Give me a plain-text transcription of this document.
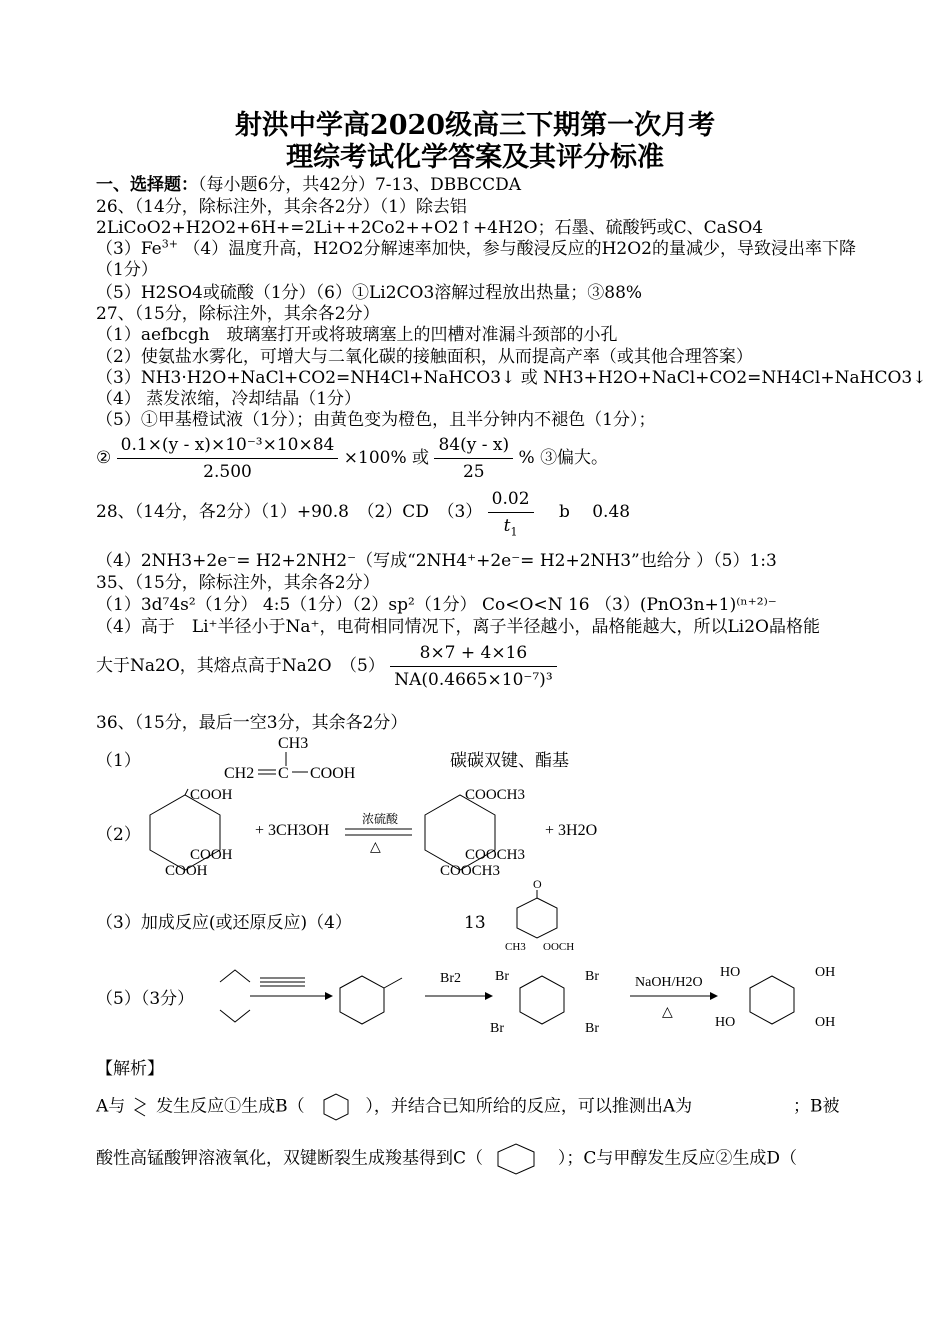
射洪中学高2020级高三下期第一次月考
理综考试化学答案及其评分标准
一、选择题：（每小题6分，共42分）7-13、DBBCCDA
26、（14分，除标注外，其余各2分）（1）除去铝
2LiCoO2+H2O2+6H+=2Li++2Co2++O2↑+4H2O；石墨、硫酸钙或C、CaSO4
$(3)Fe^{3+}$ （4）温度升高，H2O2分解速率加快，参与酸浸反应的H2O2的量减少，导致浸出率下降
（1分）
（5）H2SO4或硫酸（1分）（6）①Li2CO3溶解过程放出热量；③88%
27、（15分，除标注外，其余各2分）
（1）aefbcgh　玻璃塞打开或将玻璃塞上的凹槽对准漏斗颈部的小孔
（2）使氨盐水雾化，可增大与二氧化碳的接触面积，从而提高产率（或其他合理答案）
（3）NH3·H2O+NaCl+CO2=NH4Cl+NaHCO3↓ 或 NH3+H2O+NaCl+CO2=NH4Cl+NaHCO3↓
（4） 蒸发浓缩，冷却结晶（1分）
（5）①甲基橙试液（1分）；由黄色变为橙色，且半分钟内不褪色（1分）；
② $\frac{\text{0.1×(y - x)×10⁻³×10×84}}{2.500} \times 100\%$ 或 $\frac{84(y - x)}{25}$ % ③偏大。
28、（14分，各2分）（1）+90.8　（2）CD　$(3) \frac{0.02}{t_1}$ b　 0.48
（4）2NH3+2e⁻= H2+2NH2⁻（写成“2NH4⁺+2e⁻= H2+2NH3”也给分 ）（5）1:3
35、（15分，除标注外，其余各2分）
（1）3d⁷4s²（1分） 4:5（1分）（2）sp²（1分） Co<O<N 16 （3）(PnO3n+1)⁽ⁿ⁺²⁾⁻
（4）高于　Li⁺半径小于Na⁺，电荷相同情况下，离子半径越小，晶格能越大，所以Li2O晶格能
大于Na2O，其熔点高于Na2O　$(5) \frac{8\times 7 + 4\times 16}{\text{NA(0.4665×10⁻⁷)³}}$
36、（15分，最后一空3分，其余各2分）
（1）	碳碳双键、酯基
CH3
CH2 C COOH
（2）
COOH
COOH
COOH
+ 3CH3OH
浓硫酸
△
COOCH3
COOCH3
COOCH3
+ 3H2O
（3）加成反应(或还原反应)（4）	13
O
CH3 OOCH
（5）（3分）
Br2 Br	Br
Br	Br
NaOH/H2O
△
HO	OH
HO	OH
【解析】
A与 发生反应①生成B（	），并结合已知所给的反应，可以推测出A为	；B被
酸性高锰酸钾溶液氧化，双键断裂生成羧基得到C（	）；C与甲醇发生反应②生成D（
